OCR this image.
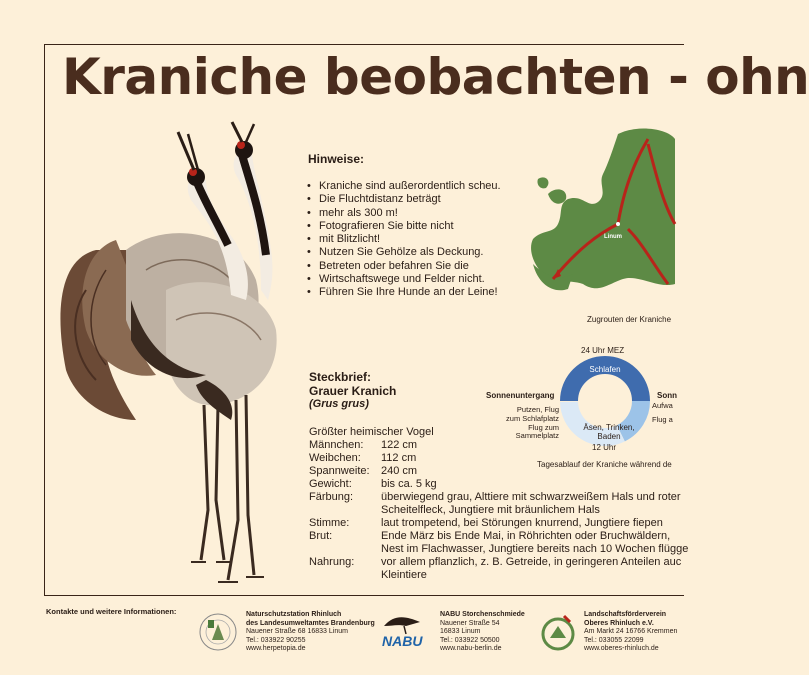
Kraniche beobachten - ohn
Hinweise:
• Kraniche sind außerordentlich scheu.
• Die Fluchtdistanz beträgt
• mehr als 300 m!
• Fotografieren Sie bitte nicht
• mit Blitzlicht!
• Nutzen Sie Gehölze als Deckung.
• Betreten oder befahren Sie die
• Wirtschaftswege und Felder nicht.
• Führen Sie Ihre Hunde an der Leine!
Linum
Zugrouten der Kraniche
24 Uhr MEZ
Schlafen
Äsen, Trinken,
Baden
12 Uhr
Sonnenuntergang	Sonn
Putzen, Flug
zum Schlafplatz
Flug zum Sammelplatz
Aufwa
Flug a
Tagesablauf der Kraniche während de
Steckbrief:
Grauer Kranich
(Grus grus)
Größter heimischer Vogel
Männchen:	122 cm
Weibchen:	112 cm
Spannweite:	240 cm
Gewicht:	bis ca. 5 kg
Färbung:	überwiegend grau, Alttiere mit schwarzweißem Hals und roter
Scheitelfleck, Jungtiere mit bräunlichem Hals
Stimme:	laut trompetend, bei Störungen knurrend, Jungtiere fiepen
Brut:	Ende März bis Ende Mai, in Röhrichten oder Bruchwäldern,
Nest im Flachwasser, Jungtiere bereits nach 10 Wochen flügge
Nahrung:	vor allem pflanzlich, z. B. Getreide, in geringeren Anteilen auc
Kleintiere
Kontakte und weitere Informationen:	Naturschutzstation Rhinluch
des Landesumweltamtes Brandenburg
Nauener Straße 68 16833 Linum
Tel.: 033922 90255
www.herpetopia.de	NABU
NABU Storchenschmiede
Nauener Straße 54
16833 Linum
Tel.: 033922 50500
www.nabu-berlin.de
Landschaftsförderverein
Oberes Rhinluch e.V.
Am Markt 24 16766 Kremmen
Tel.: 033055 22099
www.oberes-rhinluch.de
